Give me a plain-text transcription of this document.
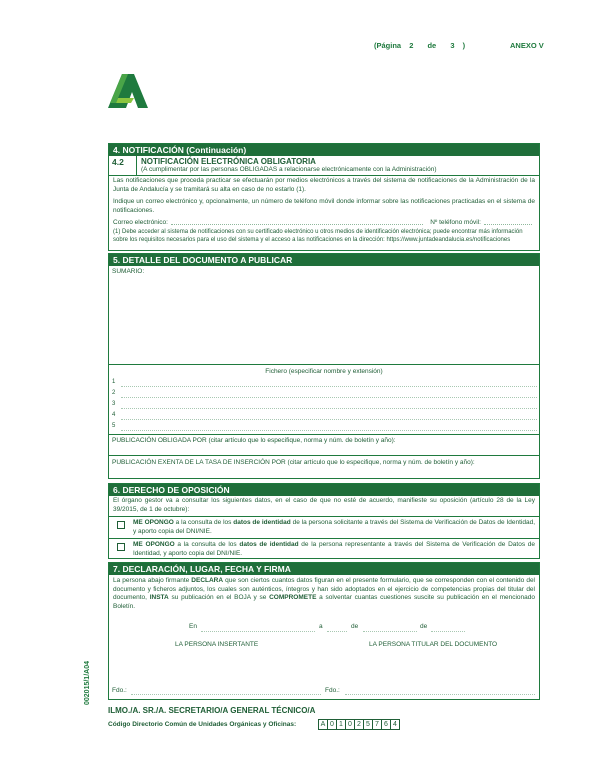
(Página 2 de 3 )	ANEXO V
4. NOTIFICACIÓN (Continuación)
4.2	NOTIFICACIÓN ELECTRÓNICA OBLIGATORIA
(A cumplimentar por las personas OBLIGADAS a relacionarse electrónicamente con la Administración)
Las notificaciones que proceda practicar se efectuarán por medios electrónicos a través del sistema de notificaciones de la Administración de la Junta de Andalucía y se tramitará su alta en caso de no estarlo (1).
Indique un correo electrónico y, opcionalmente, un número de teléfono móvil donde informar sobre las notificaciones practicadas en el sistema de notificaciones.
Correo electrónico:	Nº teléfono móvil:
(1) Debe acceder al sistema de notificaciones con su certificado electrónico u otros medios de identificación electrónica; puede encontrar más información sobre los requisitos necesarios para el uso del sistema y el acceso a las notificaciones en la dirección: https://www.juntadeandalucia.es/notificaciones
5. DETALLE DEL DOCUMENTO A PUBLICAR
SUMARIO:
Fichero (especificar nombre y extensión)
1
2
3
4
5
PUBLICACIÓN OBLIGADA POR (citar artículo que lo especifique, norma y núm. de boletín y año):
PUBLICACIÓN EXENTA DE LA TASA DE INSERCIÓN POR (citar artículo que lo especifique, norma y núm. de boletín y año):
6. DERECHO DE OPOSICIÓN
El órgano gestor va a consultar los siguientes datos, en el caso de que no esté de acuerdo, manifieste su oposición (artículo 28 de la Ley 39/2015, de 1 de octubre):
ME OPONGO a la consulta de los datos de identidad de la persona solicitante a través del Sistema de Verificación de Datos de Identidad, y aporto copia del DNI/NIE.
ME OPONGO a la consulta de los datos de identidad de la persona representante a través del Sistema de Verificación de Datos de Identidad, y aporto copia del DNI/NIE.
7. DECLARACIÓN, LUGAR, FECHA Y FIRMA
La persona abajo firmante DECLARA que son ciertos cuantos datos figuran en el presente formulario, que se corresponden con el contenido del documento y ficheros adjuntos, los cuales son auténticos, íntegros y han sido adoptados en el ejercicio de competencias propias del titular del documento, INSTA su publicación en el BOJA y se COMPROMETE a solventar cuantas cuestiones suscite su publicación en el mencionado Boletín.
En	a	de	de
LA PERSONA INSERTANTE	LA PERSONA TITULAR DEL DOCUMENTO
Fdo.:	Fdo.:
ILMO./A. SR./A. SECRETARIO/A GENERAL TÉCNICO/A
Código Directorio Común de Unidades Orgánicas y Oficinas:	A 0 1 0 2 5 7 6 4
002015/1/A04
